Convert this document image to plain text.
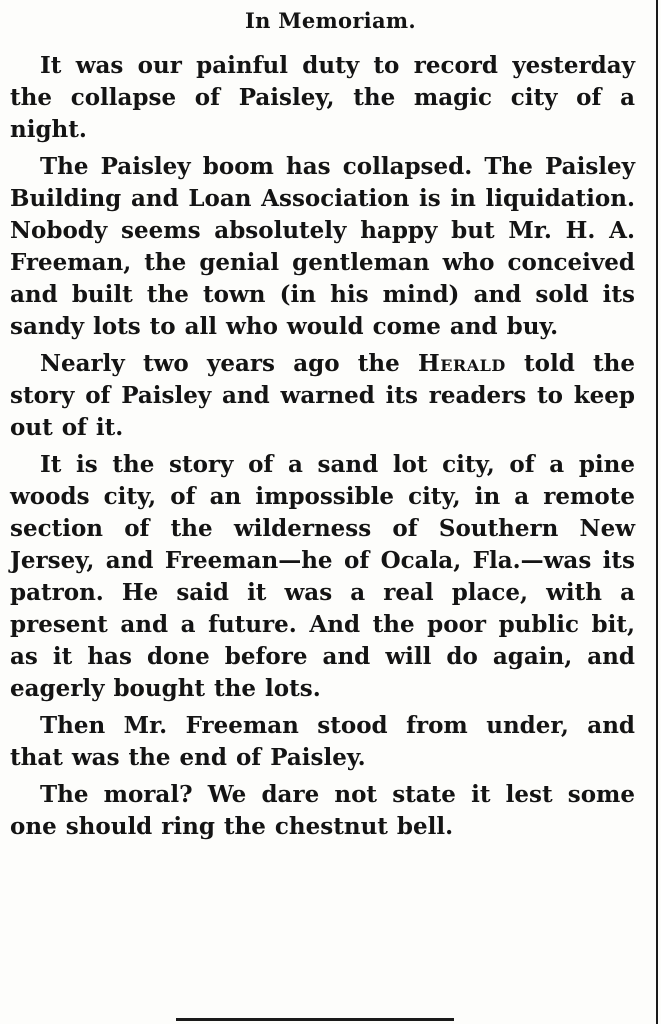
In Memoriam.

It was our painful duty to record yesterday the collapse of Paisley, the magic city of a night.

The Paisley boom has collapsed. The Paisley Building and Loan Association is in liquidation. Nobody seems absolutely happy but Mr. H. A. Freeman, the genial gentleman who conceived and built the town (in his mind) and sold its sandy lots to all who would come and buy.

Nearly two years ago the Herald told the story of Paisley and warned its readers to keep out of it.

It is the story of a sand lot city, of a pine woods city, of an impossible city, in a remote section of the wilderness of Southern New Jersey, and Freeman—he of Ocala, Fla.—was its patron. He said it was a real place, with a present and a future. And the poor public bit, as it has done before and will do again, and eagerly bought the lots.

Then Mr. Freeman stood from under, and that was the end of Paisley.

The moral? We dare not state it lest some one should ring the chestnut bell.
